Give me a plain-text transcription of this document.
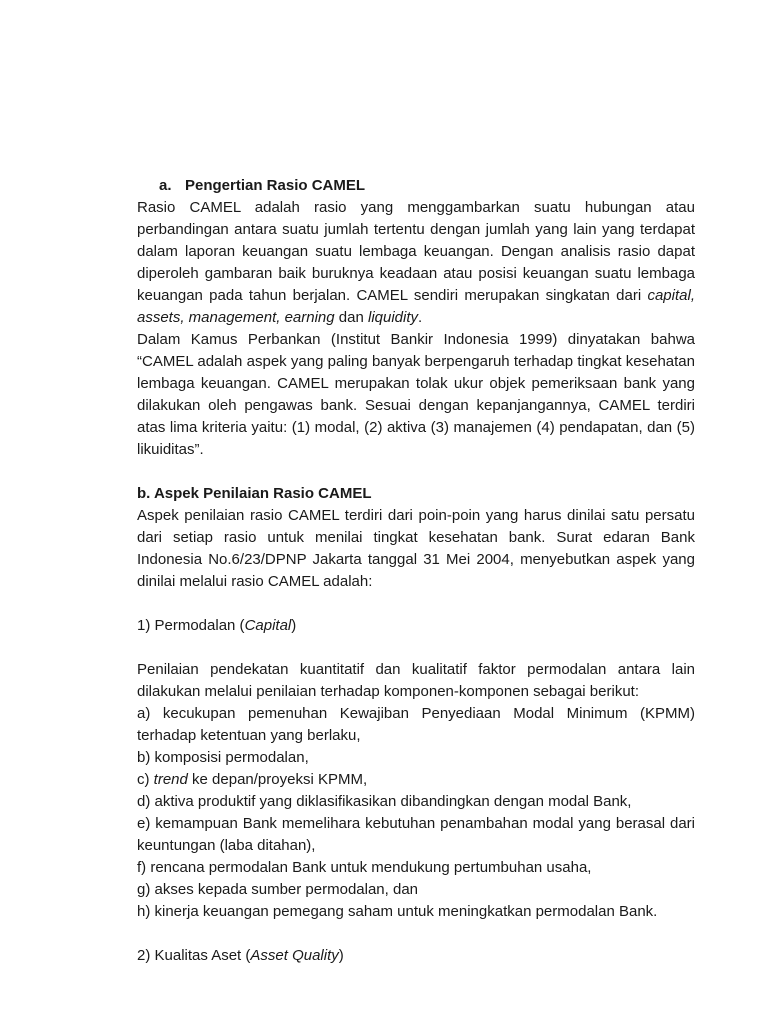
a. Pengertian Rasio CAMEL

Rasio CAMEL adalah rasio yang menggambarkan suatu hubungan atau perbandingan antara suatu jumlah tertentu dengan jumlah yang lain yang terdapat dalam laporan keuangan suatu lembaga keuangan. Dengan analisis rasio dapat diperoleh gambaran baik buruknya keadaan atau posisi keuangan suatu lembaga keuangan pada tahun berjalan. CAMEL sendiri merupakan singkatan dari capital, assets, management, earning dan liquidity.

Dalam Kamus Perbankan (Institut Bankir Indonesia 1999) dinyatakan bahwa “CAMEL adalah aspek yang paling banyak berpengaruh terhadap tingkat kesehatan lembaga keuangan. CAMEL merupakan tolak ukur objek pemeriksaan bank yang dilakukan oleh pengawas bank. Sesuai dengan kepanjangannya, CAMEL terdiri atas lima kriteria yaitu: (1) modal, (2) aktiva (3) manajemen (4) pendapatan, dan (5) likuiditas”.

b. Aspek Penilaian Rasio CAMEL

Aspek penilaian rasio CAMEL terdiri dari poin-poin yang harus dinilai satu persatu dari setiap rasio untuk menilai tingkat kesehatan bank. Surat edaran Bank Indonesia No.6/23/DPNP Jakarta tanggal 31 Mei 2004, menyebutkan aspek yang dinilai melalui rasio CAMEL adalah:

1) Permodalan (Capital)

Penilaian pendekatan kuantitatif dan kualitatif faktor permodalan antara lain dilakukan melalui penilaian terhadap komponen-komponen sebagai berikut:

a) kecukupan pemenuhan Kewajiban Penyediaan Modal Minimum (KPMM) terhadap ketentuan yang berlaku,

b) komposisi permodalan,

c) trend ke depan/proyeksi KPMM,

d) aktiva produktif yang diklasifikasikan dibandingkan dengan modal Bank,

e) kemampuan Bank memelihara kebutuhan penambahan modal yang berasal dari keuntungan (laba ditahan),

f) rencana permodalan Bank untuk mendukung pertumbuhan usaha,

g) akses kepada sumber permodalan, dan

h) kinerja keuangan pemegang saham untuk meningkatkan permodalan Bank.

2) Kualitas Aset (Asset Quality)
